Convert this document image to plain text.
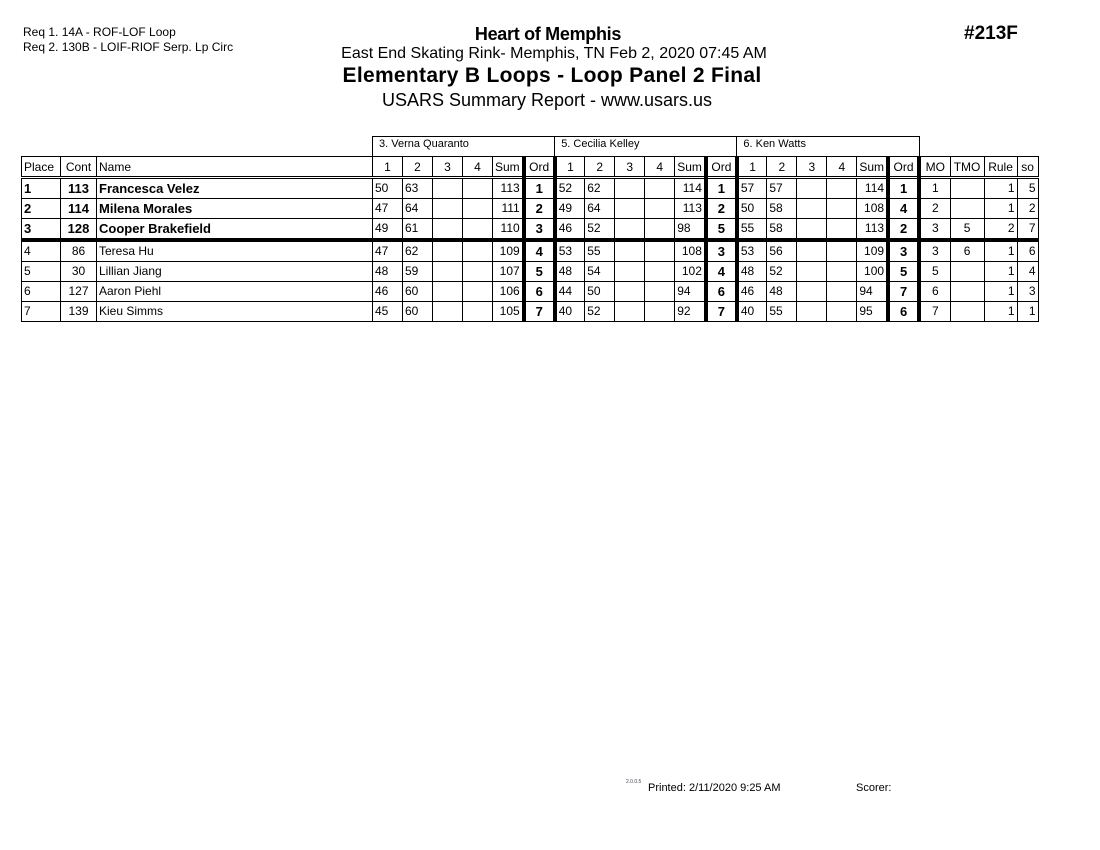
Req 1. 14A - ROF-LOF Loop
Req 2. 130B - LOIF-RIOF Serp. Lp Circ
Heart of Memphis
East End Skating Rink- Memphis, TN Feb 2, 2020 07:45 AM
Elementary B Loops - Loop Panel 2 Final
USARS Summary Report - www.usars.us
#213F
			3. Verna Quaranto						5. Cecilia Kelley						6. Ken Watts									
Place	Cont	Name	1	2	3	4	Sum	Ord	1	2	3	4	Sum	Ord	1	2	3	4	Sum	Ord	MO	TMO	Rule	so
1	113	Francesca Velez	50	63			113	1	52	62			114	1	57	57			114	1	1		1	5
2	114	Milena Morales	47	64			111	2	49	64			113	2	50	58			108	4	2		1	2
3	128	Cooper Brakefield	49	61			110	3	46	52			98	5	55	58			113	2	3	5	2	7
4	86	Teresa Hu	47	62			109	4	53	55			108	3	53	56			109	3	3	6	1	6
5	30	Lillian Jiang	48	59			107	5	48	54			102	4	48	52			100	5	5		1	4
6	127	Aaron Piehl	46	60			106	6	44	50			94	6	46	48			94	7	6		1	3
7	139	Kieu Simms	45	60			105	7	40	52			92	7	40	55			95	6	7		1	1
2.0.0.5 Printed: 2/11/2020 9:25 AM	Scorer:
